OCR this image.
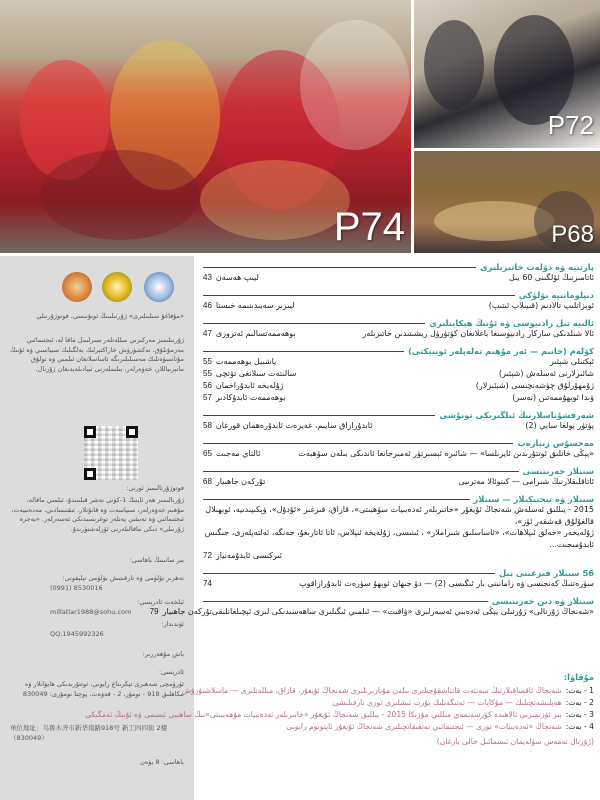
P74
P72
P68
«مۇقاغۇ سىلىنلىرى» ژۇرنىلىنىڭ ئوبۇنىسى، فوتوژۇرنىلى
ژۇرنىلىمىز مەركىزىي مىللەتلەر سىرلىمل ماقا لە، ئىجتىمائىي مەزمۇنلۇق، تەكشۈرۈش خاراكتېرلىك بەلگىلىك سىياسىي ۋە ئۇنىڭ مۇناسىۋەتلىك مەسىلىلىرىگە ئاساسلانغان ئىلمىي ۋە تولۇق ماتېرىياللار، خەۋەرلەر، بىلىملەرنى ئىپادىلەيدىغان ژۇرنال.
فوتوژۇرنالىمىز ئورنى:
ژۇرنالىمىز ھەر ئاينىڭ 1-كۈنى نەشر قىلىنىدۇ، ئىلمىي ماقالە، مۇھىم خەۋەرلەر، سىياسەت ۋە قانۇنلار، ئىقتىسادىي، مەدەنىيەت، ئىجتىمائىي ۋە تەبىئىي پەنلەر توغرىسىدىكى ئەسەرلەر. «بەجرە ژۇرنىلى» دىكى ماقالىلەرنى ئۆزلەشتۈرىدۇ.
بىر سانىنىڭ باھاسى:
تەھرىر بۆلۈمى ۋە تارقىتىش بۆلۈمى تېلېفونى:
(0991) 8530016
ئېلخەت ئادرېسى:
millatlar1988@sohu.com
ئۈندىدار:
QQ:1945992326
باش مۇھەررىر:
ئادرېسى:
ئۈرۈمچى شەھىرى تېڭرىتاغ رايونى، ئوتتۇرىدىكى ھايۋانلار ۋە نىكاھلىق 918 - نومۇر، 2 - قەۋەت، پوچتا نومۇرى: 830049
单位地址：乌鲁木齐市新华南路918号 新工四四街 2楼（830049）
باھاسى: 8 يۈەن
پارتىيە ۋە دۆلەت خاتىرىلىرى
ئاتامىزنىڭ ئۆلگىنى 60 يىل
ليىپ ھەسەن43
دىپلوماتىيە بۆلۈكى
ئوبزاتلىپ تالادىم (قىيىلاپ ئىتىپ)
ليىزىر سەيىدىنىمە خىستا46
ئالىيە تىل رادىيوسى ۋە ئۇنىڭ ھېكايىلىرى
ئالا شىلدىكى ساركار رادىيوسىغا باغلانغان كۆتۈرۈل ريشىتىدىن خاتىرىلەر
بوھەممەتسالىم ئەتروزى47
كۆلەم (خانىم — ئەر مۇھىم تەلەپلەر ئوبىيكتى)
ئېكتىلى شېئىر
ياشىيل بوھەممەت55
شائىرلارنى ئەسلەش (شېئىر)
سالىتەت سىلانغى تۆتچى55
ژۇمھۇرلۇق چۈشەنچىسى (شېئىرلار)
ژۇلەيخە ئابدۇراخمان56
ۋىدا ئوبھۇممەتىن (نەسر)
بوھەممەت ئابدۇكادىر57
شەرقشۇناسلارنىڭ ئىلگىرىكى تونۇشى
پۈتۈر پولغا ساېي (2)
ئابدۇرازاق سايىم، غەيرەت ئابدۇرەھمان قورغان58
مەخسۇس زىيارەت
«يېڭى خانلىق ئوتتۇرىدىن ئايرىلسا» — شائىرە ئېسىرتۈر ئەمىرجانغا ئاندىكى بىلەن سۆھبەت
ئالتاي مەجىت65
سىنلار خەرىتىسى
ئاتاقلىقلارنىڭ شىرامى — كىنوئالا مەترىيى
تۇركەن جاھىيار68
سىنلار ۋە تېخنىكىلار — سىنلار
2015 - يىللىق ئەسلەش شەنجاڭ ئۇيغۇر «خاتىرىلەر ئەدەبىيات سۆھبىتى»، قازاق، قىرغىز «ئۇدۇل»، ۋېكىپىدىيە، ئوبھىلال قالغۇلۇق قەشقەر ئۆز»،
ژۇلەيخەر «خەلق ئىپلاھات»، «ئاساسلىق شىراملار» ، ئىنىسى، ژۇلەيخە ئىپلاس، ئاتا ئاتارىغۇ، جەنگە، ئەلتەپلەرى، جىگىس ئابدۇمىجىت...
ئىركىسى ئابدۇمەنياز
72
56 سىنلار قىزغىنى تىل
سۈرەتنىڭ كەنجىسى ۋە زامانىنى بار ئىگىسى (2) — دۆ جىھان ئوبھۇ سۈرەت ئابدۇرازاقوپ
74
سىنلار ۋە دىن خەزىنىسى
«شەنجاڭ ژۇرنالى» ژۇرنىلى يېڭى ئەدەبىي ئەسەرلىرى «ۋاقىت» — ئىلمىي ئىگىلىرى ساھەسىدىكى لىرى ئېچىلغانلىقى
تۇركەن جاھىيار79
مۇقاۋا:
1 - بەت:
شەنجاڭ ئاقساقىلارنىڭ سەنئەت قاتناشقۇچىلىرى بىلەن مۇنازىرىلىرى شەنجاڭ ئۇيغۇر، قازاق، مىللەتلىرى — ماسلاشتۇرۇش
2 - بەت:
ھەيلىشەتچىلىك — مۇكاپات — ئەتىگەنلىك يۇرت ئىشلىرى تورى تارقىلىشى
3 - بەت:
بىز ئۆزىمىزنى ئالاھىدە كۆرسەتمەي مىللىي مۇزىكا 2015 - يىللىق شەنجاڭ ئۇيغۇر «خاتىرىلەر ئەدەبىيات مۇھەببىتى»نىڭ ساھىبى ئىسمى ۋە ئۇنىڭ ئەمگىكى
4 - بەت:
شەنجاڭ «ئەدەبىيات» تورى — ئىجتىمائىي تەتقىقاتچىلىرى شەنجاڭ ئۇيغۇر ئاپتونوم رايونى
(ژۇرنال ئەمەس سۈلەيمان ئىسمائىل خالى يازغان)
